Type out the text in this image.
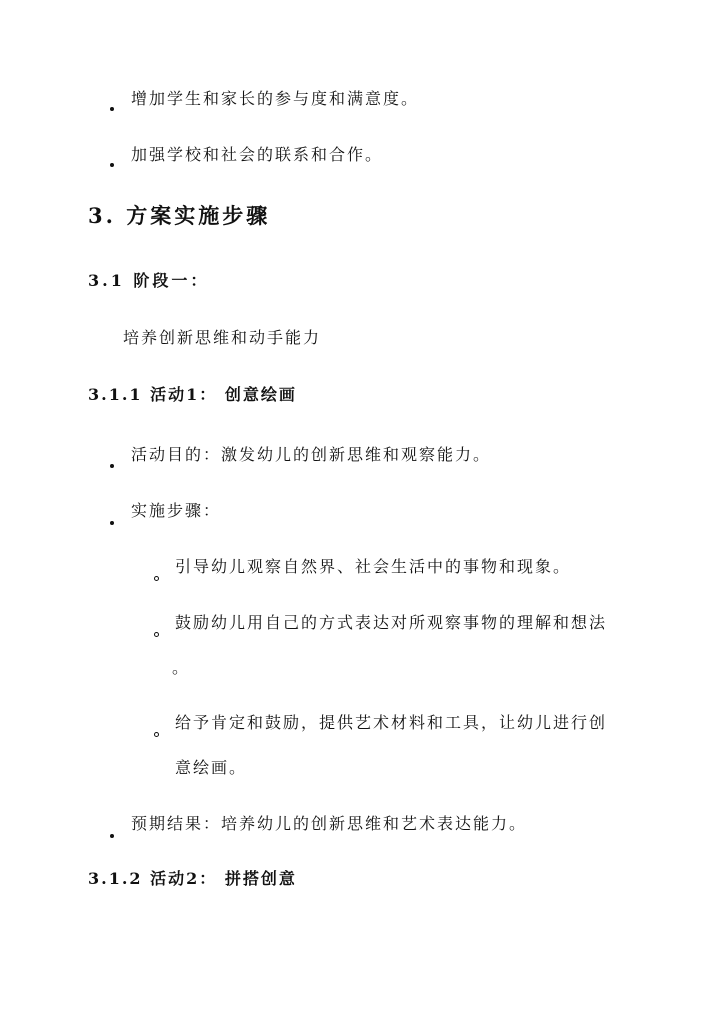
增加学生和家长的参与度和满意度。
加强学校和社会的联系和合作。
3. 方案实施步骤
3.1 阶段一：
培养创新思维和动手能力
3.1.1 活动1： 创意绘画
活动目的：激发幼儿的创新思维和观察能力。
实施步骤：
引导幼儿观察自然界、社会生活中的事物和现象。
鼓励幼儿用自己的方式表达对所观察事物的理解和想法
。
给予肯定和鼓励，提供艺术材料和工具，让幼儿进行创
意绘画。
预期结果：培养幼儿的创新思维和艺术表达能力。
3.1.2 活动2： 拼搭创意
